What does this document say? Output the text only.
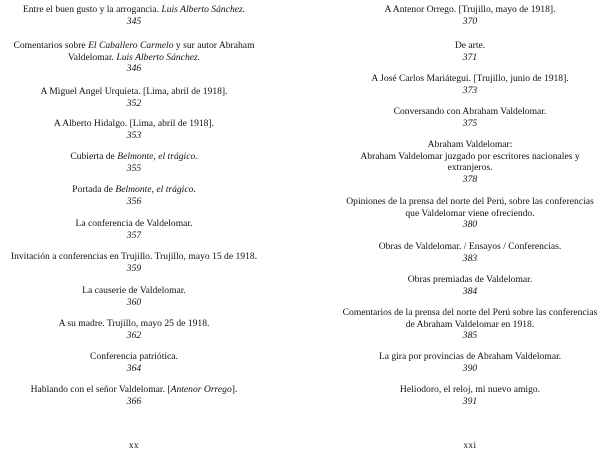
Entre el buen gusto y la arrogancia. Luis Alberto Sánchez.
345
Comentarios sobre El Caballero Carmelo y sur autor Abraham Valdelomar. Luis Alberto Sánchez.
346
A Miguel Angel Urquieta. [Lima, abril de 1918].
352
A Alberto Hidalgo. [Lima, abril de 1918].
353
Cubierta de Belmonte, el trágico.
355
Portada de Belmonte, el trágico.
356
La conferencia de Valdelomar.
357
Invitación a conferencias en Trujillo. Trujillo, mayo 15 de 1918.
359
La causerie de Valdelomar.
360
A su madre. Trujillo, mayo 25 de 1918.
362
Conferencia patriótica.
364
Hablando con el señor Valdelomar. [Antenor Orrego].
366
xx
A Antenor Orrego. [Trujillo, mayo de 1918].
370
De arte.
371
A José Carlos Mariátegui. [Trujillo, junio de 1918].
373
Conversando con Abraham Valdelomar.
375
Abraham Valdelomar:
Abraham Valdelomar juzgado por escritores nacionales y extranjeros.
378
Opiniones de la prensa del norte del Perú, sobre las conferencias que Valdelomar viene ofreciendo.
380
Obras de Valdelomar. / Ensayos / Conferencias.
383
Obras premiadas de Valdelomar.
384
Comentarios de la prensa del norte del Perú sobre las conferencias de Abraham Valdelomar en 1918.
385
La gira por provincias de Abraham Valdelomar.
390
Heliodoro, el reloj, mi nuevo amigo.
391
xxi
